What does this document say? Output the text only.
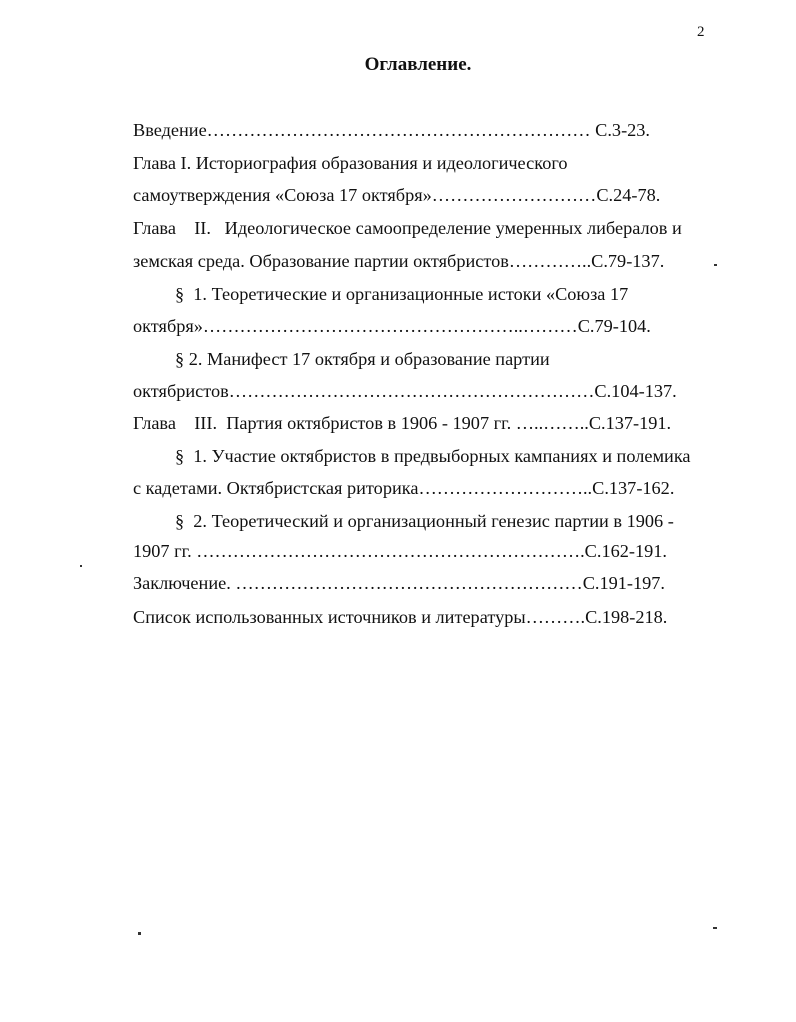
2
Оглавление.
Введение……………………………………………………… С.3-23.
Глава I. Историография образования и идеологического
самоутверждения «Союза 17 октября»………………………С.24-78.
Глава    II.   Идеологическое самоопределение умеренных либералов и
земская среда. Образование партии октябристов…………..С.79-137.
§  1. Теоретические и организационные истоки «Союза 17
октября»……………………………………………..………С.79-104.
§ 2. Манифест 17 октября и образование партии
октябристов……………………………………………………С.104-137.
Глава    III.  Партия октябристов в 1906 - 1907 гг. …..……..С.137-191.
§  1. Участие октябристов в предвыборных кампаниях и полемика
с кадетами. Октябристская риторика………………………..С.137-162.
§  2. Теоретический и организационный генезис партии в 1906 -
1907 гг. ……………………………………………………….С.162-191.
Заключение. …………………………………………………С.191-197.
Список использованных источников и литературы……….С.198-218.
